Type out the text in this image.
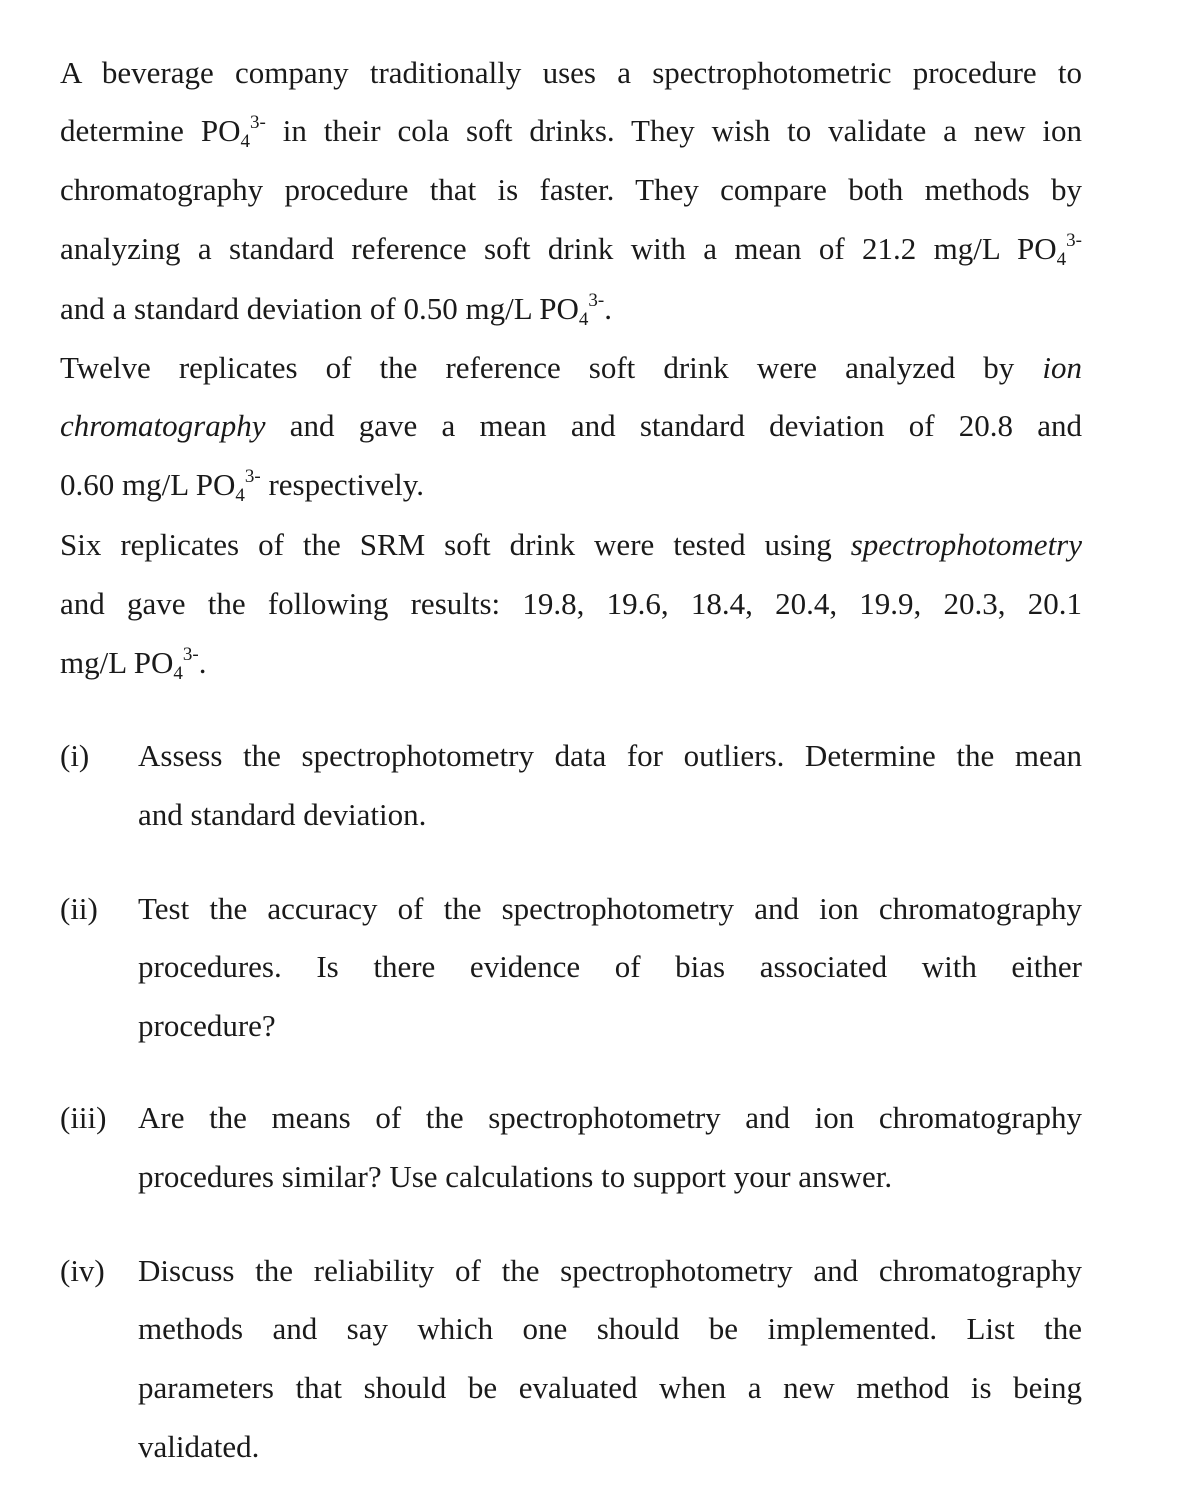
A beverage company traditionally uses a spectrophotometric procedure to
determine $PO_4^{3-}$ in their cola soft drinks. They wish to validate a new ion
chromatography procedure that is faster. They compare both methods by
analyzing a standard reference soft drink with a mean of 21.2 mg/L $PO_4^{3-}$
and a standard deviation of 0.50 mg/L $PO_4^{3-}$.
Twelve replicates of the reference soft drink were analyzed by ion
chromatography and gave a mean and standard deviation of 20.8 and
0.60 mg/L $PO_4^{3-}$ respectively.
Six replicates of the SRM soft drink were tested using spectrophotometry
and gave the following results: 19.8, 19.6, 18.4, 20.4, 19.9, 20.3, 20.1
mg/L $PO_4^{3-}$.
(i) Assess the spectrophotometry data for outliers. Determine the mean
and standard deviation.
(ii) Test the accuracy of the spectrophotometry and ion chromatography
procedures. Is there evidence of bias associated with either
procedure?
(iii) Are the means of the spectrophotometry and ion chromatography
procedures similar? Use calculations to support your answer.
(iv) Discuss the reliability of the spectrophotometry and chromatography
methods and say which one should be implemented. List the
parameters that should be evaluated when a new method is being
validated.
